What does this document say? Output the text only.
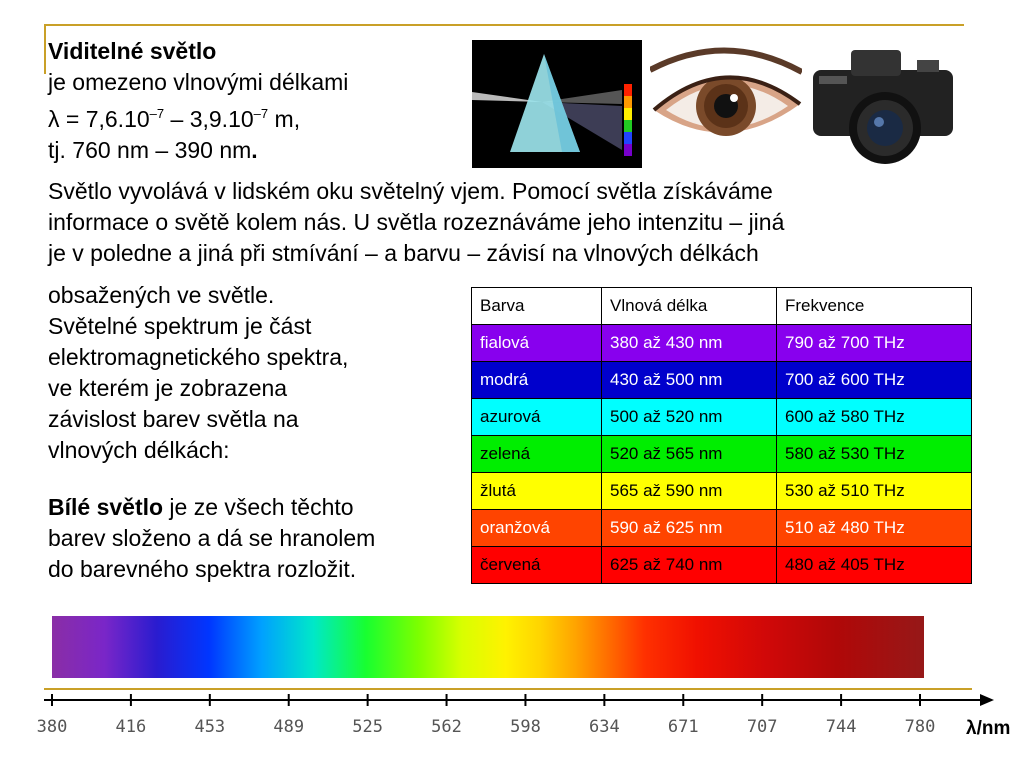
Viditelné světlo
je omezeno vlnovými délkami
$\lambda = 7,6.10^{-7} - 3,9.10^{-7}$ m,
tj. 760 nm – 390 nm.
Světlo vyvolává v lidském oku světelný vjem. Pomocí světla získáváme
informace o světě kolem nás. U světla rozeznáváme jeho intenzitu – jiná
je v poledne a jiná při stmívání – a barvu – závisí na vlnových délkách
obsažených ve světle.
Světelné spektrum je část
elektromagnetického spektra,
ve kterém je zobrazena
závislost barev světla na
vlnových délkách:
Bílé světlo je ze všech těchto
barev složeno a dá se hranolem
do barevného spektra rozložit.
Barva	Vlnová délka	Frekvence
fialová	380 až 430 nm	790 až 700 THz
modrá	430 až 500 nm	700 až 600 THz
azurová	500 až 520 nm	600 až 580 THz
zelená	520 až 565 nm	580 až 530 THz
žlutá	565 až 590 nm	530 až 510 THz
oranžová	590 až 625 nm	510 až 480 THz
červená	625 až 740 nm	480 až 405 THz
380	416	453	489	525	562	598	634	671	707	744	780 λ/nm
